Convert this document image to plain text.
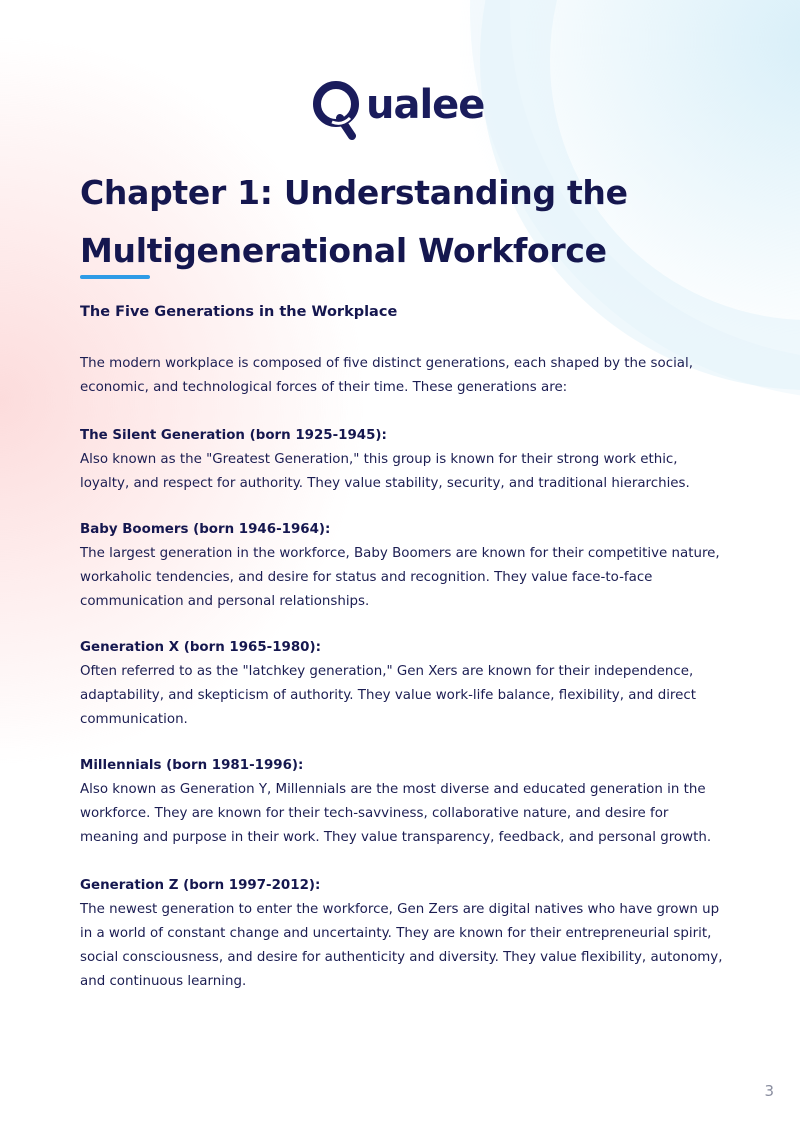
ualee
Chapter 1: Understanding the
Multigenerational Workforce

The Five Generations in the Workplace

The modern workplace is composed of five distinct generations, each shaped by the social, economic, and technological forces of their time. These generations are:

The Silent Generation (born 1925-1945):
Also known as the "Greatest Generation," this group is known for their strong work ethic, loyalty, and respect for authority. They value stability, security, and traditional hierarchies.

Baby Boomers (born 1946-1964):
The largest generation in the workforce, Baby Boomers are known for their competitive nature, workaholic tendencies, and desire for status and recognition. They value face-to-face communication and personal relationships.

Generation X (born 1965-1980):
Often referred to as the "latchkey generation," Gen Xers are known for their independence, adaptability, and skepticism of authority. They value work-life balance, flexibility, and direct communication.

Millennials (born 1981-1996):
Also known as Generation Y, Millennials are the most diverse and educated generation in the workforce. They are known for their tech-savviness, collaborative nature, and desire for meaning and purpose in their work. They value transparency, feedback, and personal growth.

Generation Z (born 1997-2012):
The newest generation to enter the workforce, Gen Zers are digital natives who have grown up in a world of constant change and uncertainty. They are known for their entrepreneurial spirit, social consciousness, and desire for authenticity and diversity. They value flexibility, autonomy, and continuous learning.

3
